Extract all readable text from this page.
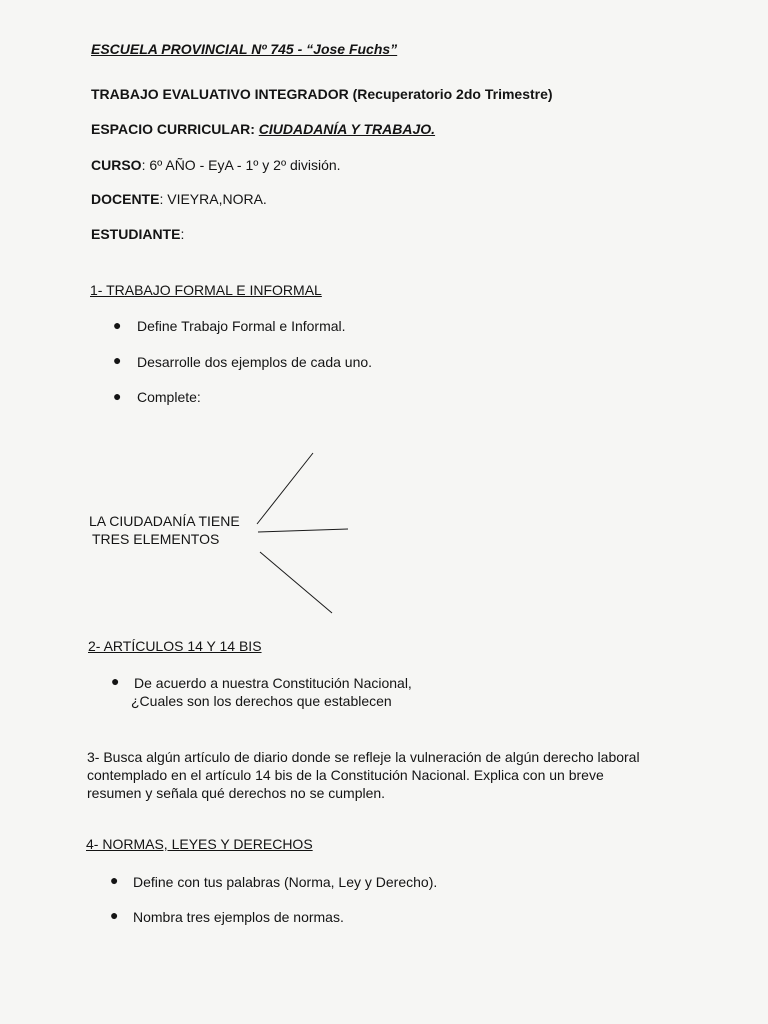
ESCUELA PROVINCIAL Nº 745 - “Jose Fuchs”
TRABAJO EVALUATIVO INTEGRADOR (Recuperatorio 2do Trimestre)
ESPACIO CURRICULAR: CIUDADANÍA Y TRABAJO.
CURSO: 6º AÑO - EyA - 1º y 2º división.
DOCENTE: VIEYRA,NORA.
ESTUDIANTE:
1- TRABAJO FORMAL E INFORMAL
● Define Trabajo Formal e Informal.
● Desarrolle dos ejemplos de cada uno.
● Complete:
LA CIUDADANÍA TIENE
TRES ELEMENTOS
2- ARTÍCULOS 14 Y 14 BIS
● De acuerdo a nuestra Constitución Nacional,
¿Cuales son los derechos que establecen
3- Busca algún artículo de diario donde se refleje la vulneración de algún derecho laboral
contemplado en el artículo 14 bis de la Constitución Nacional. Explica con un breve
resumen y señala qué derechos no se cumplen.
4- NORMAS, LEYES Y DERECHOS
● Define con tus palabras (Norma, Ley y Derecho).
● Nombra tres ejemplos de normas.
